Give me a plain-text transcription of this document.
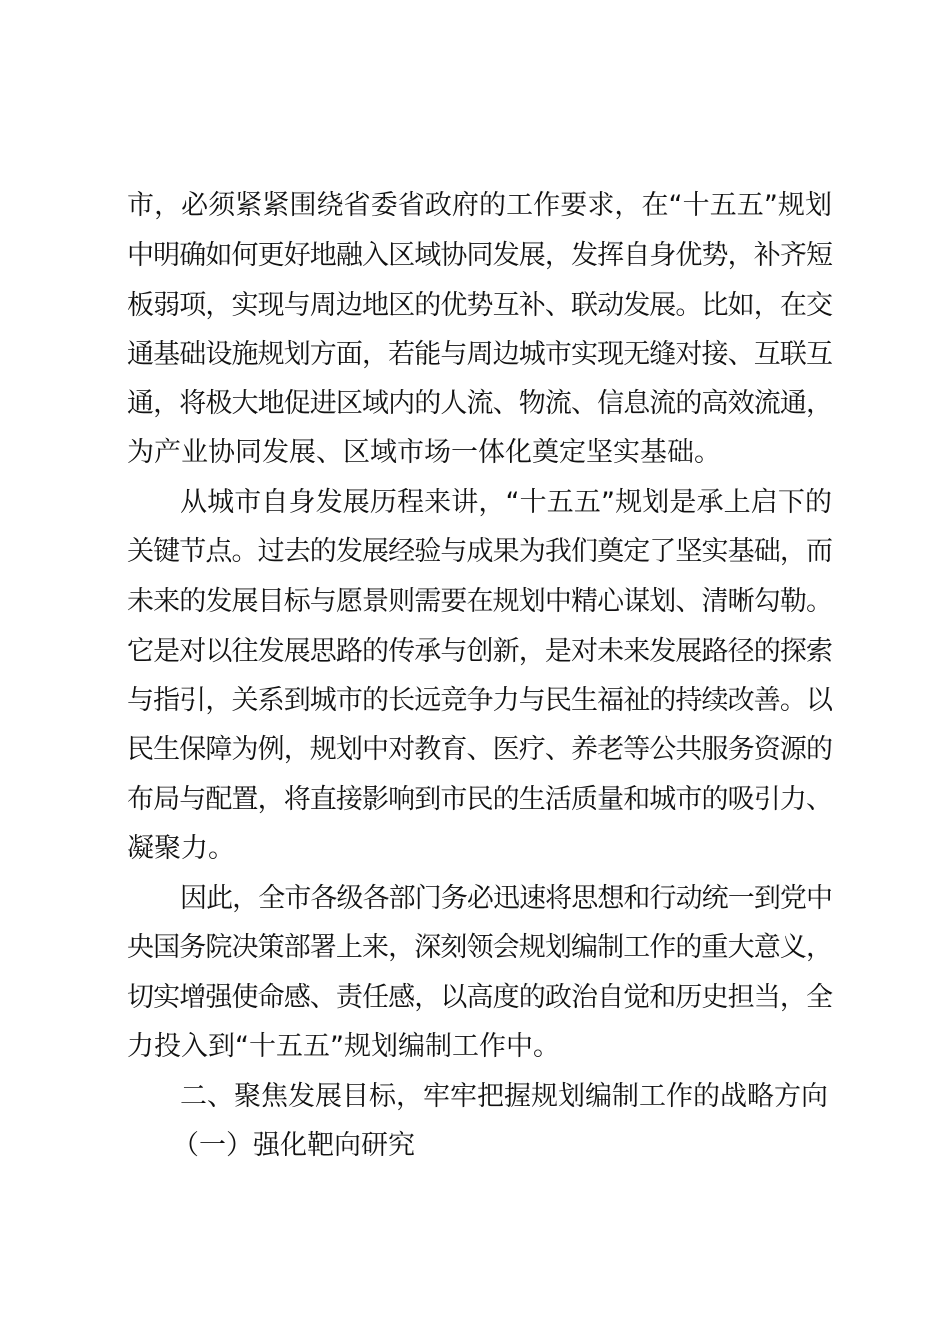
市，必须紧紧围绕省委省政府的工作要求，在“十五五”规划
中明确如何更好地融入区域协同发展，发挥自身优势，补齐短
板弱项，实现与周边地区的优势互补、联动发展。比如，在交
通基础设施规划方面，若能与周边城市实现无缝对接、互联互
通，将极大地促进区域内的人流、物流、信息流的高效流通，
为产业协同发展、区域市场一体化奠定坚实基础。
从城市自身发展历程来讲，“十五五”规划是承上启下的
关键节点。过去的发展经验与成果为我们奠定了坚实基础，而
未来的发展目标与愿景则需要在规划中精心谋划、清晰勾勒。
它是对以往发展思路的传承与创新，是对未来发展路径的探索
与指引，关系到城市的长远竞争力与民生福祉的持续改善。以
民生保障为例，规划中对教育、医疗、养老等公共服务资源的
布局与配置，将直接影响到市民的生活质量和城市的吸引力、
凝聚力。
因此，全市各级各部门务必迅速将思想和行动统一到党中
央国务院决策部署上来，深刻领会规划编制工作的重大意义，
切实增强使命感、责任感，以高度的政治自觉和历史担当，全
力投入到“十五五”规划编制工作中。
二、聚焦发展目标，牢牢把握规划编制工作的战略方向
（一）强化靶向研究
